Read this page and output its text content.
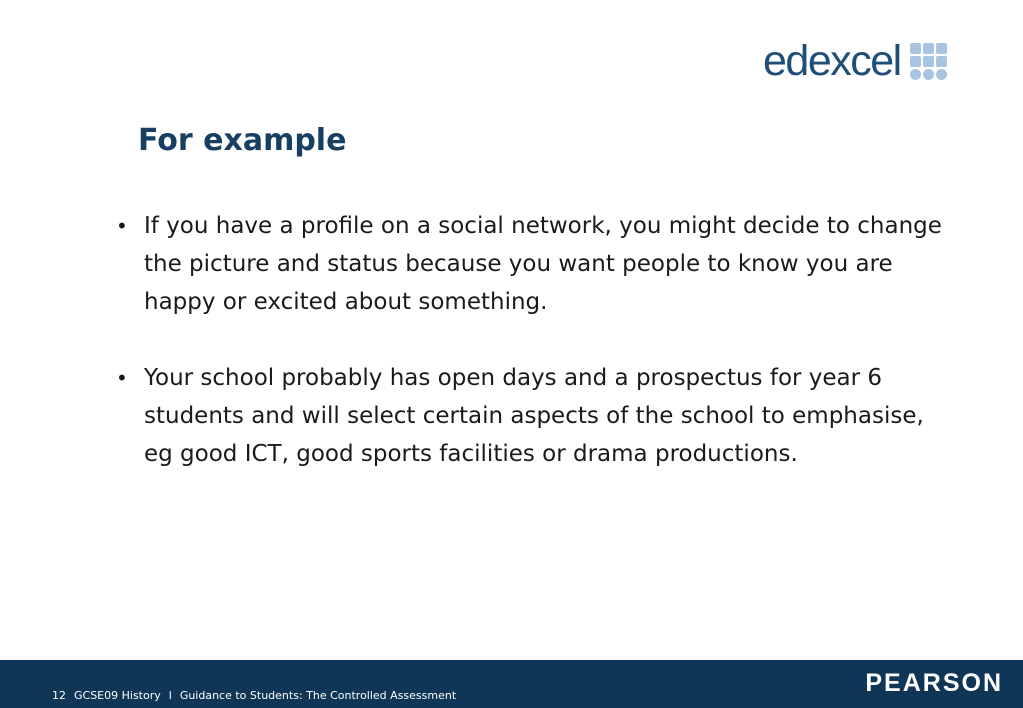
edexcel
For example
• If you have a profile on a social network, you might decide to change the picture and status because you want people to know you are happy or excited about something.
• Your school probably has open days and a prospectus for year 6 students and will select certain aspects of the school to emphasise, eg good ICT, good sports facilities or drama productions.

12 GCSE09 History l Guidance to Students: The Controlled Assessment
	PEARSON
